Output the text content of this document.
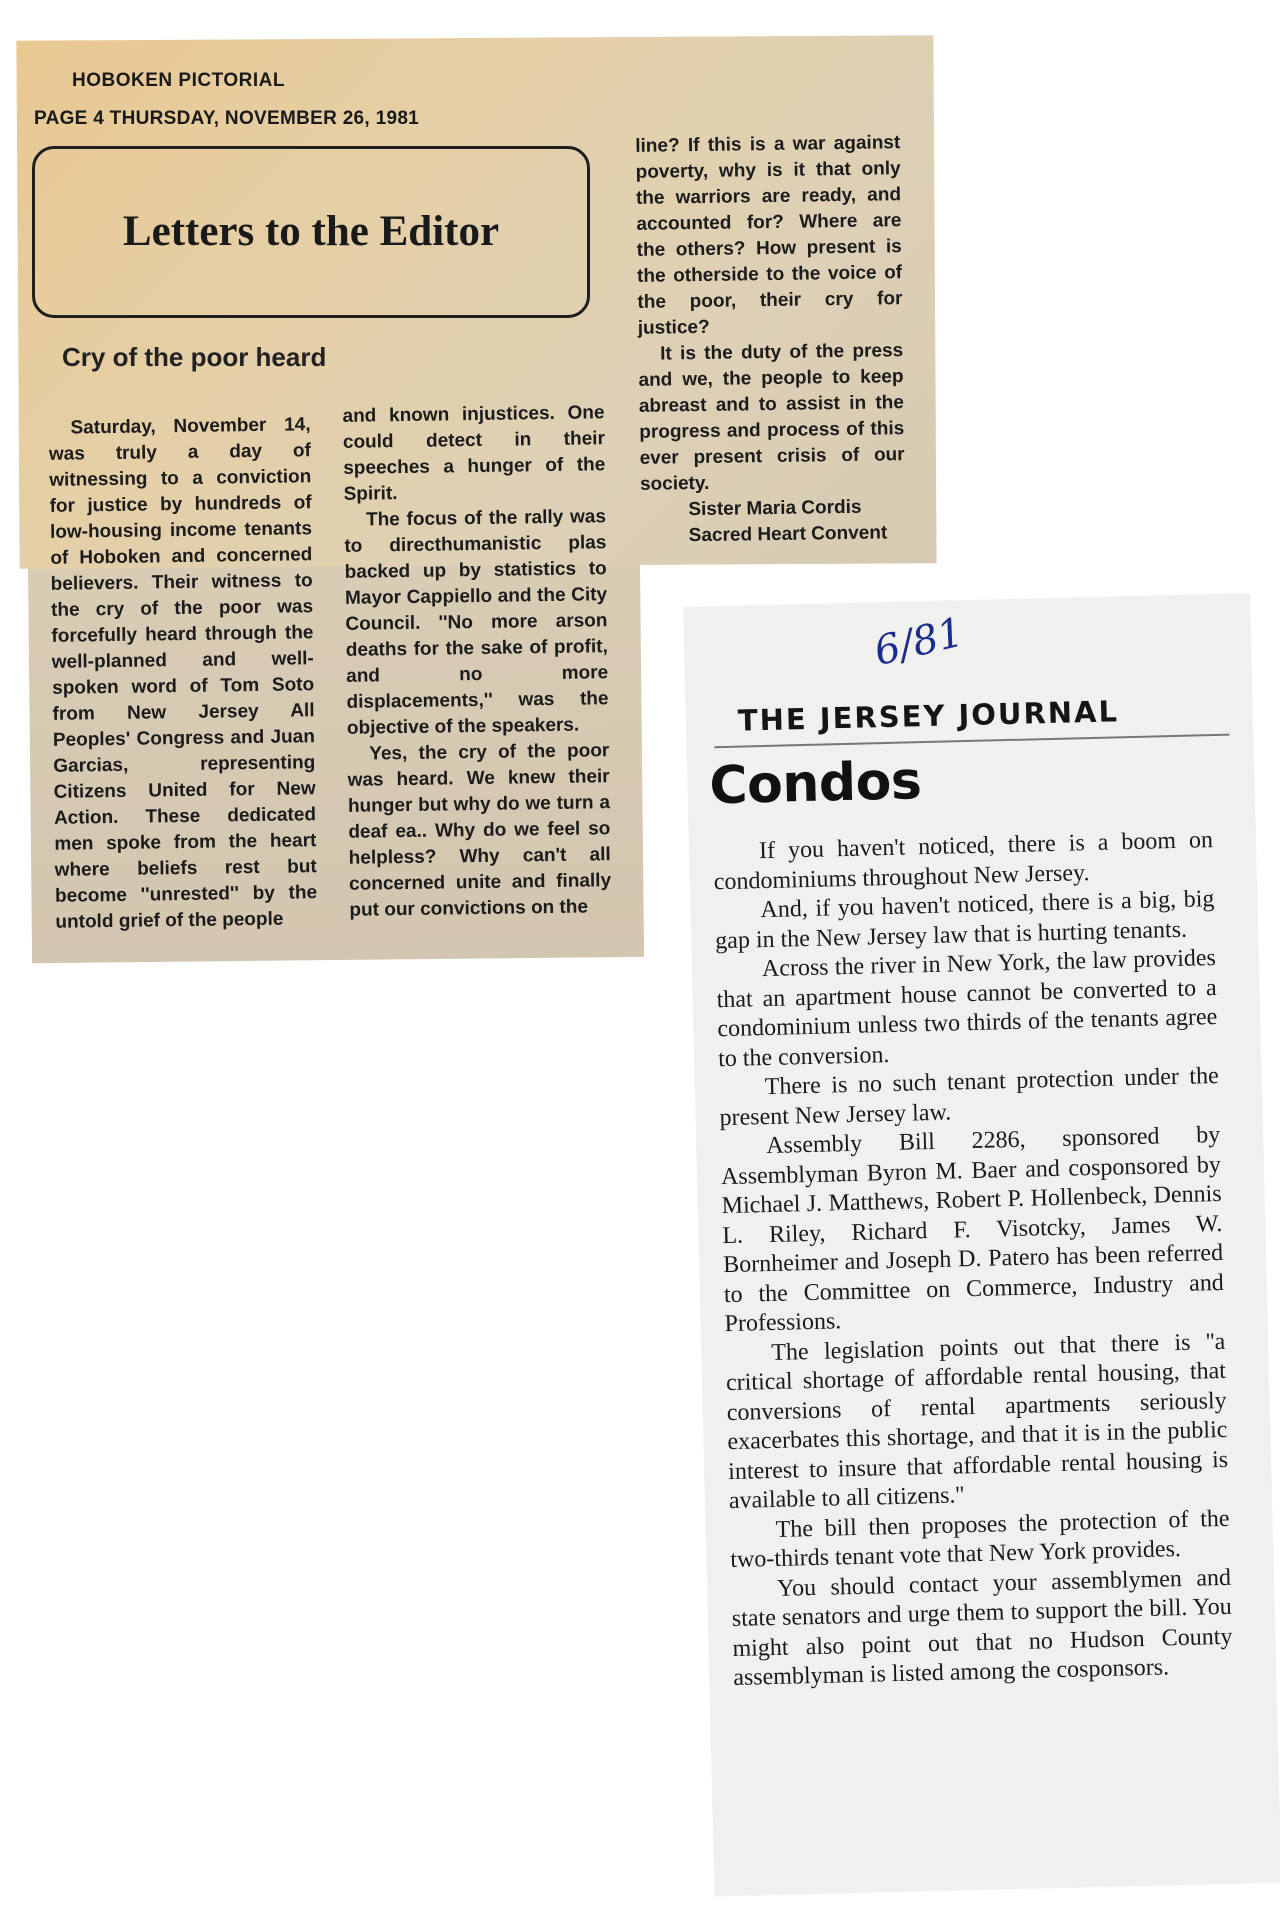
HOBOKEN PICTORIAL
PAGE 4 THURSDAY, NOVEMBER 26, 1981
Letters to the Editor
Cry of the poor heard

Saturday, November 14, was truly a day of witnessing to a conviction for justice by hundreds of low-housing income tenants of Hoboken and concerned believers. Their witness to the cry of the poor was forcefully heard through the well-planned and well-spoken word of Tom Soto from New Jersey All Peoples' Congress and Juan Garcias, representing Citizens United for New Action. These dedicated men spoke from the heart where beliefs rest but become ''unrested'' by the untold grief of the people

and known injustices. One could detect in their speeches a hunger of the Spirit.

The focus of the rally was to directhumanistic plas backed up by statistics to Mayor Cappiello and the City Council. ''No more arson deaths for the sake of profit, and no more displacements,'' was the objective of the speakers.

Yes, the cry of the poor was heard. We knew their hunger but why do we turn a deaf ea.. Why do we feel so helpless? Why can't all concerned unite and finally put our convictions on the

line? If this is a war against poverty, why is it that only the warriors are ready, and accounted for? Where are the others? How present is the otherside to the voice of the poor, their cry for justice?

It is the duty of the press and we, the people to keep abreast and to assist in the progress and process of this ever present crisis of our society.

Sister Maria Cordis

Sacred Heart Convent

6/81
THE JERSEY JOURNAL
Condos

If you haven't noticed, there is a boom on condominiums throughout New Jersey.

And, if you haven't noticed, there is a big, big gap in the New Jersey law that is hurting tenants.

Across the river in New York, the law provides that an apartment house cannot be converted to a condominium unless two thirds of the tenants agree to the conversion.

There is no such tenant protection under the present New Jersey law.

Assembly Bill 2286, sponsored by Assemblyman Byron M. Baer and cosponsored by Michael J. Matthews, Robert P. Hollenbeck, Dennis L. Riley, Richard F. Visotcky, James W. Bornheimer and Joseph D. Patero has been referred to the Committee on Commerce, Industry and Professions.

The legislation points out that there is ''a critical shortage of affordable rental housing, that conversions of rental apartments seriously exacerbates this shortage, and that it is in the public interest to insure that affordable rental housing is available to all citizens.''

The bill then proposes the protection of the two-thirds tenant vote that New York provides.

You should contact your assemblymen and state senators and urge them to support the bill. You might also point out that no Hudson County assemblyman is listed among the cosponsors.
